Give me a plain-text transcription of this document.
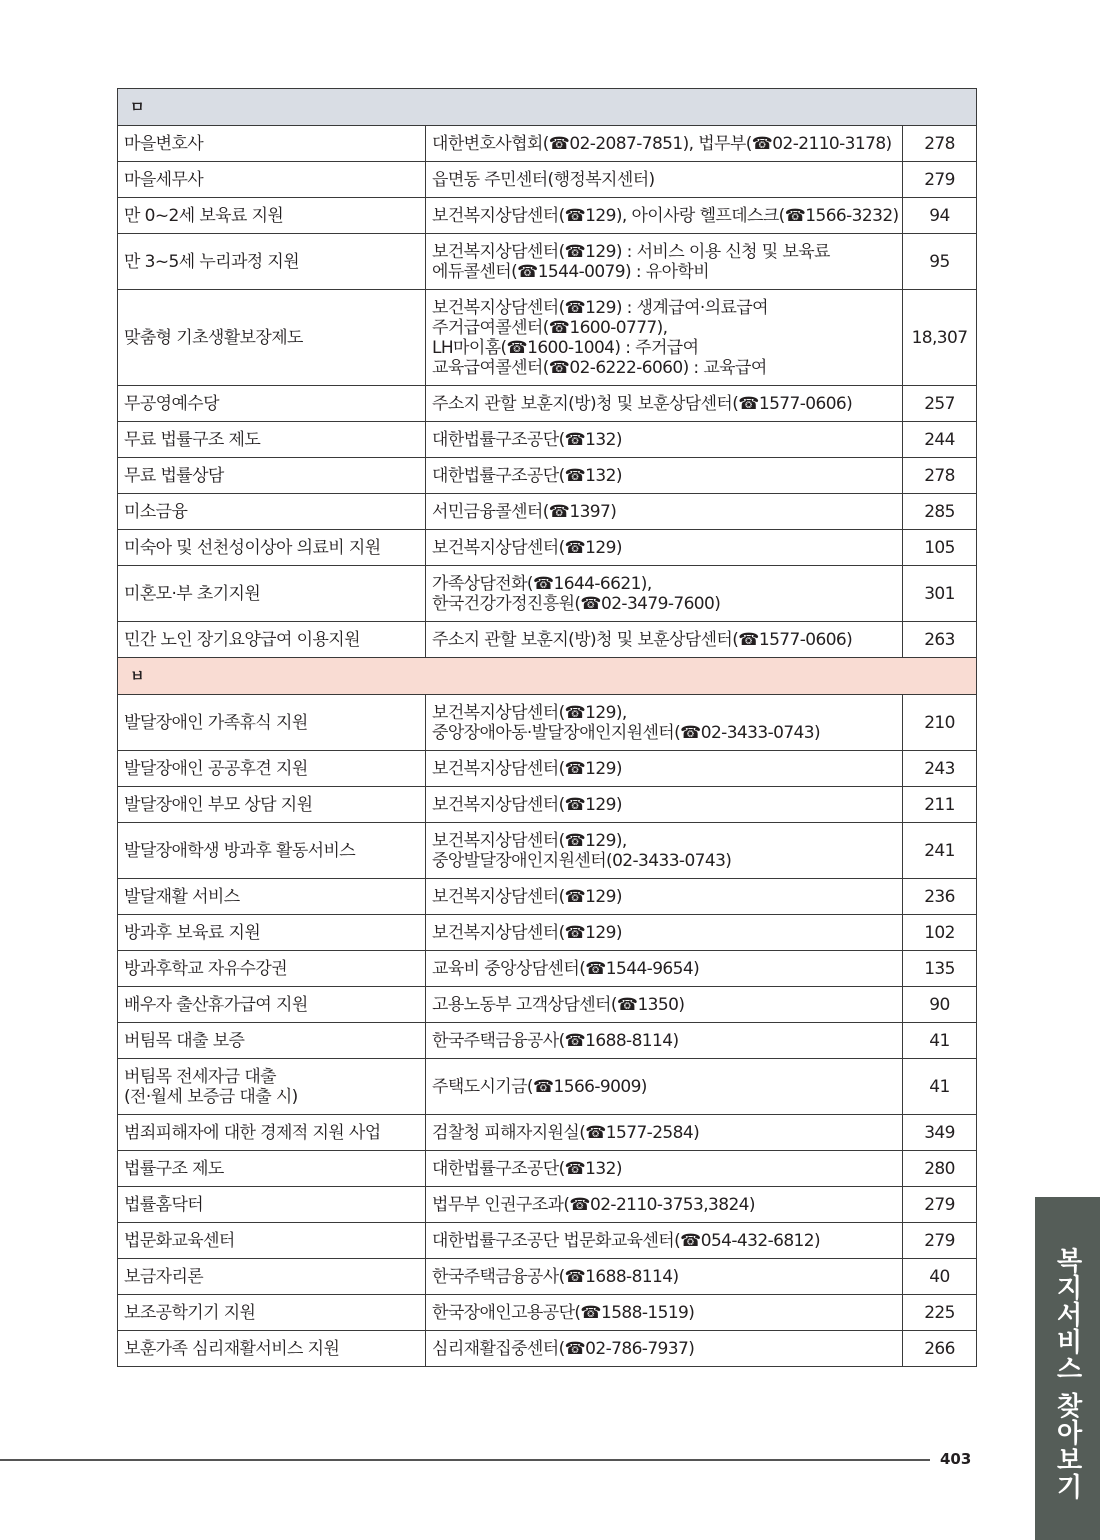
ㅁ		

마을변호사	대한변호사협회(☎02-2087-7851), 법무부(☎02-2110-3178)	278

마을세무사	읍면동 주민센터(행정복지센터)	279

만 0~2세 보육료 지원	보건복지상담센터(☎129), 아이사랑 헬프데스크(☎1566-3232)	94

만 3~5세 누리과정 지원	보건복지상담센터(☎129) : 서비스 이용 신청 및 보육료
에듀콜센터(☎1544-0079) : 유아학비	95

맞춤형 기초생활보장제도	보건복지상담센터(☎129) : 생계급여·의료급여
주거급여콜센터(☎1600-0777),
LH마이홈(☎1600-1004) : 주거급여
교육급여콜센터(☎02-6222-6060) : 교육급여	18,307

무공영예수당	주소지 관할 보훈지(방)청 및 보훈상담센터(☎1577-0606)	257

무료 법률구조 제도	대한법률구조공단(☎132)	244

무료 법률상담	대한법률구조공단(☎132)	278

미소금융	서민금융콜센터(☎1397)	285

미숙아 및 선천성이상아 의료비 지원	보건복지상담센터(☎129)	105

미혼모·부 초기지원	가족상담전화(☎1644-6621),
한국건강가정진흥원(☎02-3479-7600)	301

민간 노인 장기요양급여 이용지원	주소지 관할 보훈지(방)청 및 보훈상담센터(☎1577-0606)	263
ㅂ		

발달장애인 가족휴식 지원	보건복지상담센터(☎129),
중앙장애아동·발달장애인지원센터(☎02-3433-0743)	210

발달장애인 공공후견 지원	보건복지상담센터(☎129)	243

발달장애인 부모 상담 지원	보건복지상담센터(☎129)	211

발달장애학생 방과후 활동서비스	보건복지상담센터(☎129),
중앙발달장애인지원센터(02-3433-0743)	241

발달재활 서비스	보건복지상담센터(☎129)	236

방과후 보육료 지원	보건복지상담센터(☎129)	102

방과후학교 자유수강권	교육비 중앙상담센터(☎1544-9654)	135

배우자 출산휴가급여 지원	고용노동부 고객상담센터(☎1350)	90

버팀목 대출 보증	한국주택금융공사(☎1688-8114)	41

버팀목 전세자금 대출
(전·월세 보증금 대출 시)	주택도시기금(☎1566-9009)	41

범죄피해자에 대한 경제적 지원 사업	검찰청 피해자지원실(☎1577-2584)	349

법률구조 제도	대한법률구조공단(☎132)	280

법률홈닥터	법무부 인권구조과(☎02-2110-3753,3824)	279

법문화교육센터	대한법률구조공단 법문화교육센터(☎054-432-6812)	279

보금자리론	한국주택금융공사(☎1688-8114)	40

보조공학기기 지원	한국장애인고용공단(☎1588-1519)	225

보훈가족 심리재활서비스 지원	심리재활집중센터(☎02-786-7937)	266
403	복지서비스 찾아보기
